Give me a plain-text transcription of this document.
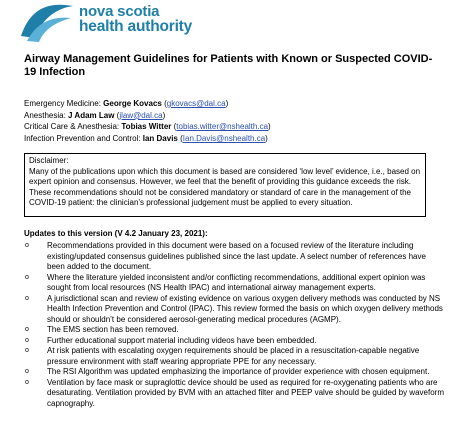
nova scotia
health authority
Airway Management Guidelines for Patients with Known or Suspected COVID-19 Infection
Emergency Medicine: George Kovacs (gkovacs@dal.ca)
Anesthesia: J Adam Law (jlaw@dal.ca)
Critical Care & Anesthesia: Tobias Witter (tobias.witter@nshealth.ca)
Infection Prevention and Control: Ian Davis (Ian.Davis@nshealth.ca)
Disclaimer:
Many of the publications upon which this document is based are considered ‘low level’ evidence, i.e., based on expert opinion and consensus. However, we feel that the benefit of providing this guidance exceeds the risk. These recommendations should not be considered mandatory or standard of care in the management of the COVID-19 patient: the clinician’s professional judgement must be applied to every situation.
Updates to this version (V 4.2 January 23, 2021):

o Recommendations provided in this document were based on a focused review of the literature including existing/updated consensus guidelines published since the last update. A select number of references have been added to the document.

o Where the literature yielded inconsistent and/or conflicting recommendations, additional expert opinion was sought from local resources (NS Health IPAC) and international airway management experts.

o A jurisdictional scan and review of existing evidence on various oxygen delivery methods was conducted by NS Health Infection Prevention and Control (IPAC). This review formed the basis on which oxygen delivery methods should or shouldn’t be considered aerosol-generating medical procedures (AGMP).

o The EMS section has been removed.

o Further educational support material including videos have been embedded.

o At risk patients with escalating oxygen requirements should be placed in a resuscitation-capable negative pressure environment with staff wearing appropriate PPE for any necessary.

o The RSI Algorithm was updated emphasizing the importance of provider experience with chosen equipment.

o Ventilation by face mask or supraglottic device should be used as required for re-oxygenating patients who are desaturating. Ventilation provided by BVM with an attached filter and PEEP valve should be guided by waveform capnography.
